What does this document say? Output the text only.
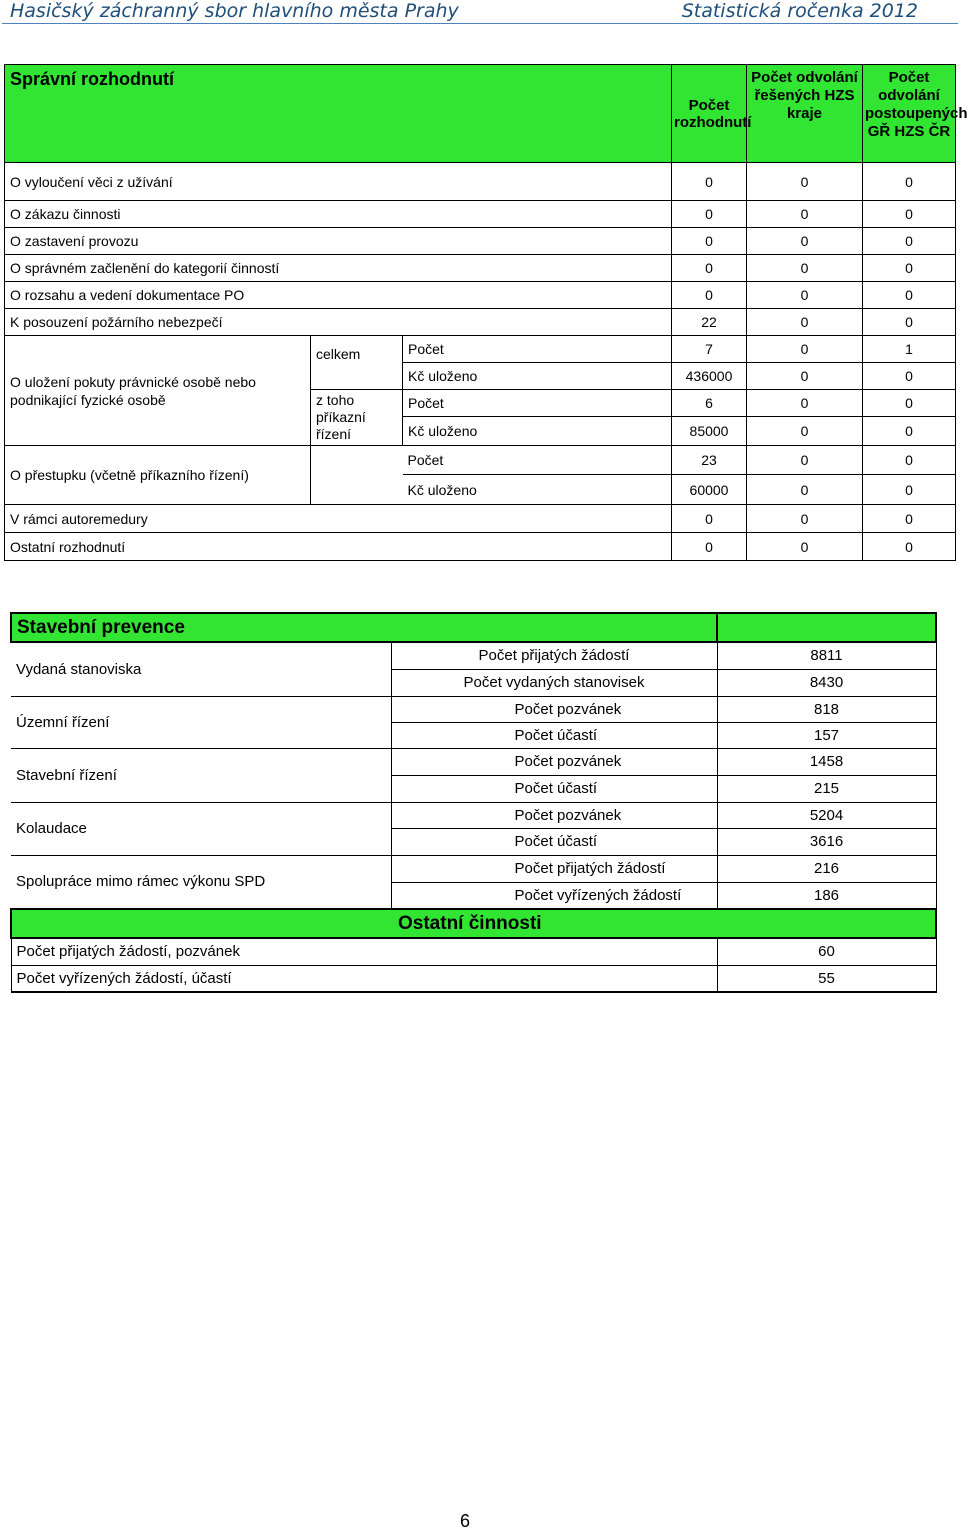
Hasičský záchranný sbor hlavního města Prahy	Statistická ročenka 2012
Správní rozhodnutí			Počet rozhodnutí	Počet odvolání řešených HZS kraje	Počet odvolání postoupených GŘ HZS ČR	
O vyloučení věci z užívání			0	0	0	
O zákazu činnosti			0	0	0	
O zastavení provozu			0	0	0	
O správném začlenění do kategorií činností			0	0	0	
O rozsahu a vedení dokumentace PO			0	0	0	
K posouzení požárního nebezpečí			22	0	0	
O uložení pokuty právnické osobě nebo podnikající fyzické osobě	celkem	Počet	7	0	1	
		Kč uloženo	436000	0	0	
	z toho příkazní řízení	Počet	6	0	0	
		Kč uloženo	85000	0	0	
O přestupku (včetně příkazního řízení)		Počet	23	0	0	
		Kč uloženo	60000	0	0	
V rámci autoremedury			0	0	0	
Ostatní rozhodnutí			0	0	0	
Stavební prevence		
Vydaná stanoviska	Počet přijatých žádostí	8811
	Počet vydaných stanovisek	8430
Územní řízení	Počet pozvánek	818
	Počet účastí	157
Stavební řízení	Počet pozvánek	1458
	Počet účastí	215
Kolaudace	Počet pozvánek	5204
	Počet účastí	3616
Spolupráce mimo rámec výkonu SPD	Počet přijatých žádostí	216
	Počet vyřízených žádostí	186
Ostatní činnosti		
Počet přijatých žádostí, pozvánek		60
Počet vyřízených žádostí, účastí		55
6
